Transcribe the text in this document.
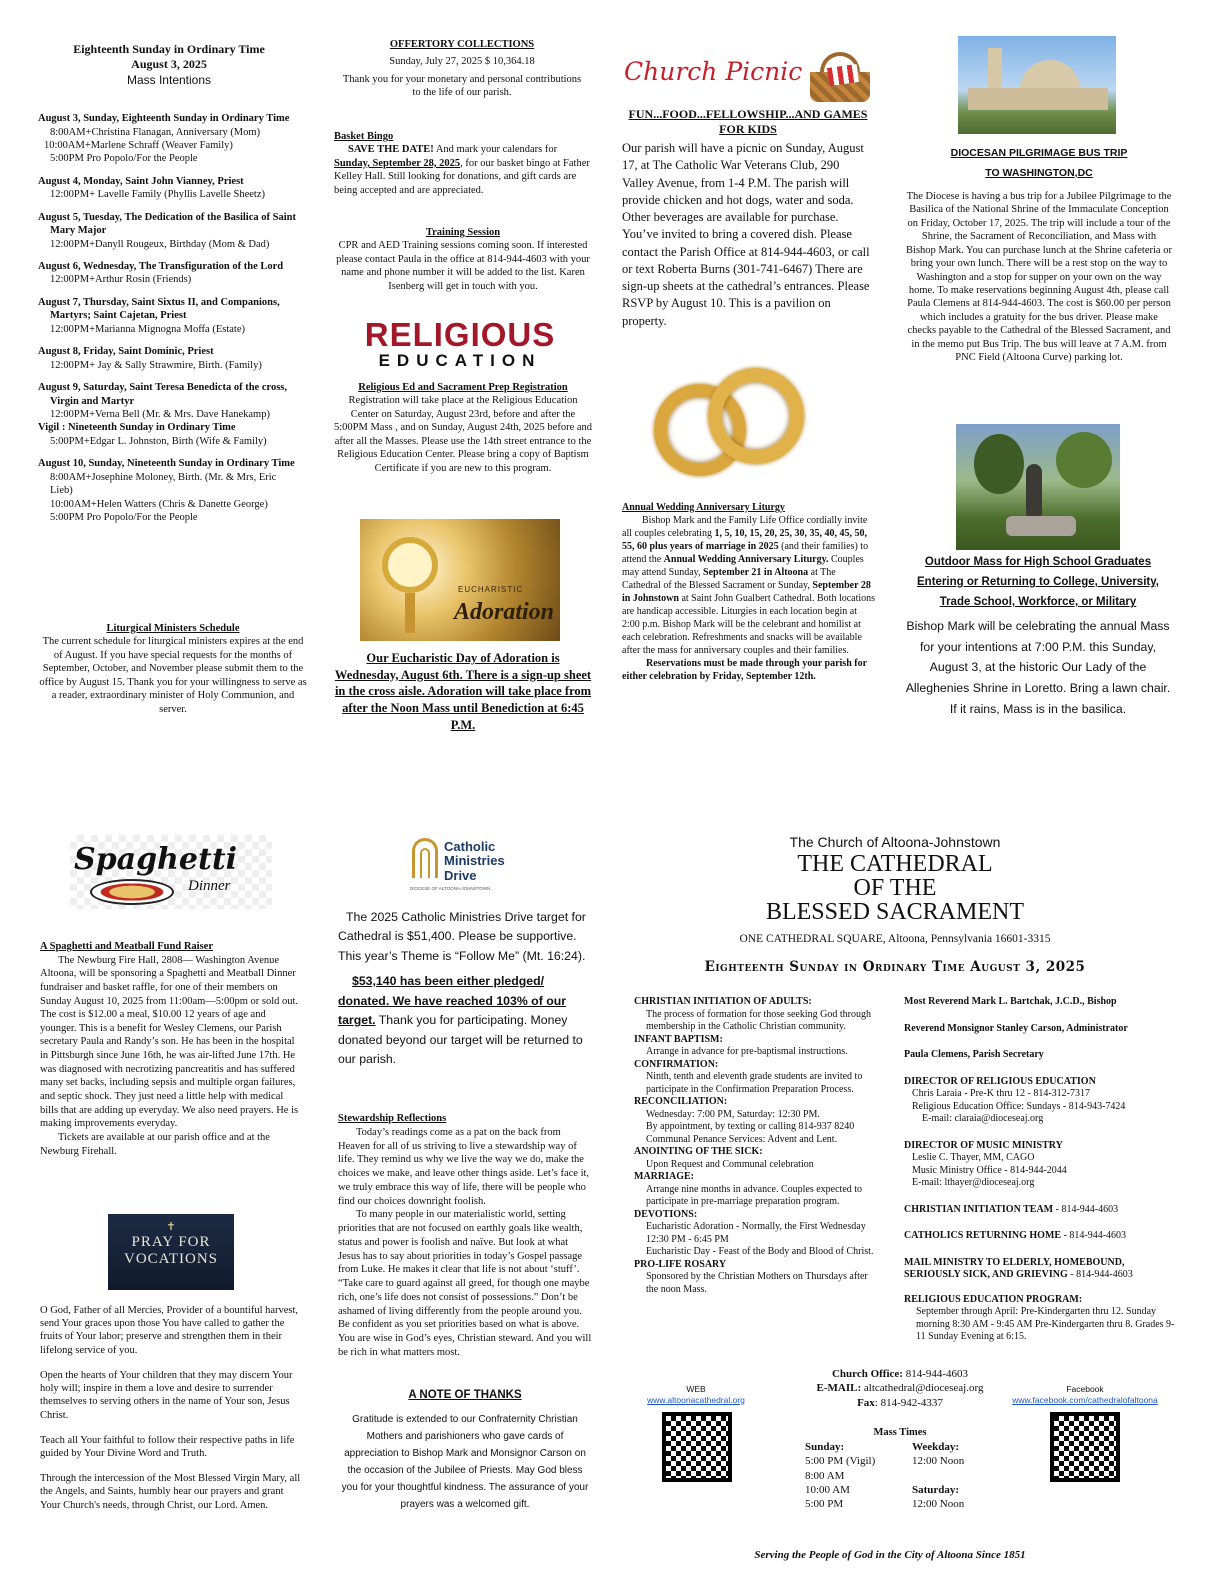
Eighteenth Sunday in Ordinary Time
August 3, 2025
Mass Intentions
August 3, Sunday, Eighteenth Sunday in Ordinary Time
8:00AM+Christina Flanagan, Anniversary (Mom)
10:00AM+Marlene Schraff (Weaver Family)
5:00PM Pro Popolo/For the People
August 4, Monday, Saint John Vianney, Priest
12:00PM+ Lavelle Family (Phyllis Lavelle Sheetz)
August 5, Tuesday, The Dedication of the Basilica of Saint Mary Major
12:00PM+Danyll Rougeux, Birthday (Mom & Dad)
August 6, Wednesday, The Transfiguration of the Lord
12:00PM+Arthur Rosin (Friends)
August 7, Thursday, Saint Sixtus II, and Companions, Martyrs; Saint Cajetan, Priest
12:00PM+Marianna Mignogna Moffa (Estate)
August 8, Friday, Saint Dominic, Priest
12:00PM+ Jay & Sally Strawmire, Birth. (Family)
August 9, Saturday, Saint Teresa Benedicta of the cross, Virgin and Martyr
12:00PM+Verna Bell (Mr. & Mrs. Dave Hanekamp)
Vigil : Nineteenth Sunday in Ordinary Time
5:00PM+Edgar L. Johnston, Birth (Wife & Family)
August 10, Sunday, Nineteenth Sunday in Ordinary Time
8:00AM+Josephine Moloney, Birth. (Mr. & Mrs, Eric Lieb)
10:00AM+Helen Watters (Chris & Danette George)
5:00PM Pro Popolo/For the People
Liturgical Ministers Schedule
The current schedule for liturgical ministers expires at the end of August. If you have special requests for the months of September, October, and November please submit them to the office by August 15. Thank you for your willingness to serve as a reader, extraordinary minister of Holy Communion, and server.
OFFERTORY COLLECTIONS
Sunday, July 27, 2025 $ 10,364.18
Thank you for your monetary and personal contributions to the life of our parish.
Basket Bingo
SAVE THE DATE! And mark your calendars for Sunday, September 28, 2025, for our basket bingo at Father Kelley Hall. Still looking for donations, and gift cards are being accepted and are appreciated.
Training Session
CPR and AED Training sessions coming soon. If interested please contact Paula in the office at 814-944-4603 with your name and phone number it will be added to the list. Karen Isenberg will get in touch with you.
RELIGIOUS
EDUCATION
Religious Ed and Sacrament Prep Registration
Registration will take place at the Religious Education Center on Saturday, August 23rd, before and after the 5:00PM Mass , and on Sunday, August 24th, 2025 before and after all the Masses. Please use the 14th street entrance to the Religious Education Center. Please bring a copy of Baptism Certificate if you are new to this program.
EUCHARISTIC
Adoration
Our Eucharistic Day of Adoration is Wednesday, August 6th. There is a sign-up sheet in the cross aisle. Adoration will take place from after the Noon Mass until Benediction at 6:45 P.M.
Church Picnic
FUN...FOOD...FELLOWSHIP...AND GAMES FOR KIDS
Our parish will have a picnic on Sunday, August 17, at The Catholic War Veterans Club, 290 Valley Avenue, from 1-4 P.M. The parish will provide chicken and hot dogs, water and soda. Other beverages are available for purchase. You’ve invited to bring a covered dish. Please contact the Parish Office at 814-944-4603, or call or text Roberta Burns (301-741-6467) There are sign-up sheets at the cathedral’s entrances. Please RSVP by August 10. This is a pavilion on property.
Annual Wedding Anniversary Liturgy
Bishop Mark and the Family Life Office cordially invite all couples celebrating 1, 5, 10, 15, 20, 25, 30, 35, 40, 45, 50, 55, 60 plus years of marriage in 2025 (and their families) to attend the Annual Wedding Anniversary Liturgy. Couples may attend Sunday, September 21 in Altoona at The Cathedral of the Blessed Sacrament or Sunday, September 28 in Johnstown at Saint John Gualbert Cathedral. Both locations are handicap accessible. Liturgies in each location begin at 2:00 p.m. Bishop Mark will be the celebrant and homilist at each celebration. Refreshments and snacks will be available after the mass for anniversary couples and their families.
Reservations must be made through your parish for either celebration by Friday, September 12th.
DIOCESAN PILGRIMAGE BUS TRIP
TO WASHINGTON,DC
The Diocese is having a bus trip for a Jubilee Pilgrimage to the Basilica of the National Shrine of the Immaculate Conception on Friday, October 17, 2025. The trip will include a tour of the Shrine, the Sacrament of Reconciliation, and Mass with Bishop Mark. You can purchase lunch at the Shrine cafeteria or bring your own lunch. There will be a rest stop on the way to Washington and a stop for supper on your own on the way home. To make reservations beginning August 4th, please call Paula Clemens at 814-944-4603. The cost is $60.00 per person which includes a gratuity for the bus driver. Please make checks payable to the Cathedral of the Blessed Sacrament, and in the memo put Bus Trip. The bus will leave at 7 A.M. from PNC Field (Altoona Curve) parking lot.
Outdoor Mass for High School Graduates Entering or Returning to College, University, Trade School, Workforce, or Military
Bishop Mark will be celebrating the annual Mass for your intentions at 7:00 P.M. this Sunday, August 3, at the historic Our Lady of the Alleghenies Shrine in Loretto. Bring a lawn chair. If it rains, Mass is in the basilica.
Spaghetti
Dinner
A Spaghetti and Meatball Fund Raiser
The Newburg Fire Hall, 2808— Washington Avenue Altoona, will be sponsoring a Spaghetti and Meatball Dinner fundraiser and basket raffle, for one of their members on Sunday August 10, 2025 from 11:00am—5:00pm or sold out. The cost is $12.00 a meal, $10.00 12 years of age and younger. This is a benefit for Wesley Clemens, our Parish secretary Paula and Randy’s son. He has been in the hospital in Pittsburgh since June 16th, he was air-lifted June 17th. He was diagnosed with necrotizing pancreatitis and has suffered many set backs, including sepsis and multiple organ failures, and septic shock. They just need a little help with medical bills that are adding up everyday. We also need prayers. He is making improvements everyday.
Tickets are available at our parish office and at the Newburg Firehall.
✝
PRAY FOR
VOCATIONS

O God, Father of all Mercies, Provider of a bountiful harvest, send Your graces upon those You have called to gather the fruits of Your labor; preserve and strengthen them in their lifelong service of you.

Open the hearts of Your children that they may discern Your holy will; inspire in them a love and desire to surrender themselves to serving others in the name of Your son, Jesus Christ.

Teach all Your faithful to follow their respective paths in life guided by Your Divine Word and Truth.

Through the intercession of the Most Blessed Virgin Mary, all the Angels, and Saints, humbly hear our prayers and grant Your Church's needs, through Christ, our Lord. Amen.

Catholic
Ministries
Drive
DIOCESE OF ALTOONA-JOHNSTOWN
The 2025 Catholic Ministries Drive target for Cathedral is $51,400. Please be supportive. This year’s Theme is “Follow Me” (Mt. 16:24).
$53,140 has been either pledged/ donated. We have reached 103% of our target. Thank you for participating. Money donated beyond our target will be returned to our parish.
Stewardship Reflections
Today’s readings come as a pat on the back from Heaven for all of us striving to live a stewardship way of life. They remind us why we live the way we do, make the choices we make, and leave other things aside. Let’s face it, we truly embrace this way of life, there will be people who find our choices downright foolish.
To many people in our materialistic world, setting priorities that are not focused on earthly goals like wealth, status and power is foolish and naïve. But look at what Jesus has to say about priorities in today’s Gospel passage from Luke. He makes it clear that life is not about ‘stuff’. “Take care to guard against all greed, for though one maybe rich, one’s life does not consist of possessions.” Don’t be ashamed of living differently from the people around you. Be confident as you set priorities based on what is above. You are wise in God’s eyes, Christian steward. And you will be rich in what matters most.
A NOTE OF THANKS
Gratitude is extended to our Confraternity Christian Mothers and parishioners who gave cards of appreciation to Bishop Mark and Monsignor Carson on the occasion of the Jubilee of Priests. May God bless you for your thoughtful kindness. The assurance of your prayers was a welcomed gift.
The Church of Altoona-Johnstown
THE CATHEDRAL
OF THE
BLESSED SACRAMENT
ONE CATHEDRAL SQUARE, Altoona, Pennsylvania 16601-3315
Eighteenth Sunday in Ordinary Time August 3, 2025
CHRISTIAN INITIATION OF ADULTS:
The process of formation for those seeking God through membership in the Catholic Christian community.
INFANT BAPTISM:
Arrange in advance for pre-baptismal instructions.
CONFIRMATION:
Ninth, tenth and eleventh grade students are invited to participate in the Confirmation Preparation Process.
RECONCILIATION:
Wednesday: 7:00 PM, Saturday: 12:30 PM.
By appointment, by texting or calling 814-937 8240 Communal Penance Services: Advent and Lent.
ANOINTING OF THE SICK:
Upon Request and Communal celebration
MARRIAGE:
Arrange nine months in advance. Couples expected to participate in pre-marriage preparation program.
DEVOTIONS:
Eucharistic Adoration - Normally, the First Wednesday 12:30 PM - 6:45 PM
Eucharistic Day - Feast of the Body and Blood of Christ.
PRO-LIFE ROSARY
Sponsored by the Christian Mothers on Thursdays after the noon Mass.
Most Reverend Mark L. Bartchak, J.C.D., Bishop
Reverend Monsignor Stanley Carson, Administrator
Paula Clemens, Parish Secretary
DIRECTOR OF RELIGIOUS EDUCATION
Chris Laraia - Pre-K thru 12 - 814-312-7317
Religious Education Office: Sundays - 814-943-7424
E-mail: claraia@dioceseaj.org
DIRECTOR OF MUSIC MINISTRY
Leslie C. Thayer, MM, CAGO
Music Ministry Office - 814-944-2044
E-mail: lthayer@dioceseaj.org
CHRISTIAN INITIATION TEAM - 814-944-4603
CATHOLICS RETURNING HOME - 814-944-4603
MAIL MINISTRY TO ELDERLY, HOMEBOUND, SERIOUSLY SICK, AND GRIEVING - 814-944-4603
RELIGIOUS EDUCATION PROGRAM:
September through April: Pre-Kindergarten thru 12. Sunday morning 8:30 AM - 9:45 AM Pre-Kindergarten thru 8. Grades 9-11 Sunday Evening at 6:15.
Church Office: 814-944-4603
E-MAIL: altcathedral@dioceseaj.org
Fax: 814-942-4337
WEB
www.altoonacathedral.org
Facebook
www.facebook.com/cathedralofaltoona
Mass Times
Sunday:
5:00 PM (Vigil)
8:00 AM
10:00 AM
5:00 PM
Weekday:
12:00 Noon
Saturday:
12:00 Noon
Serving the People of God in the City of Altoona Since 1851
